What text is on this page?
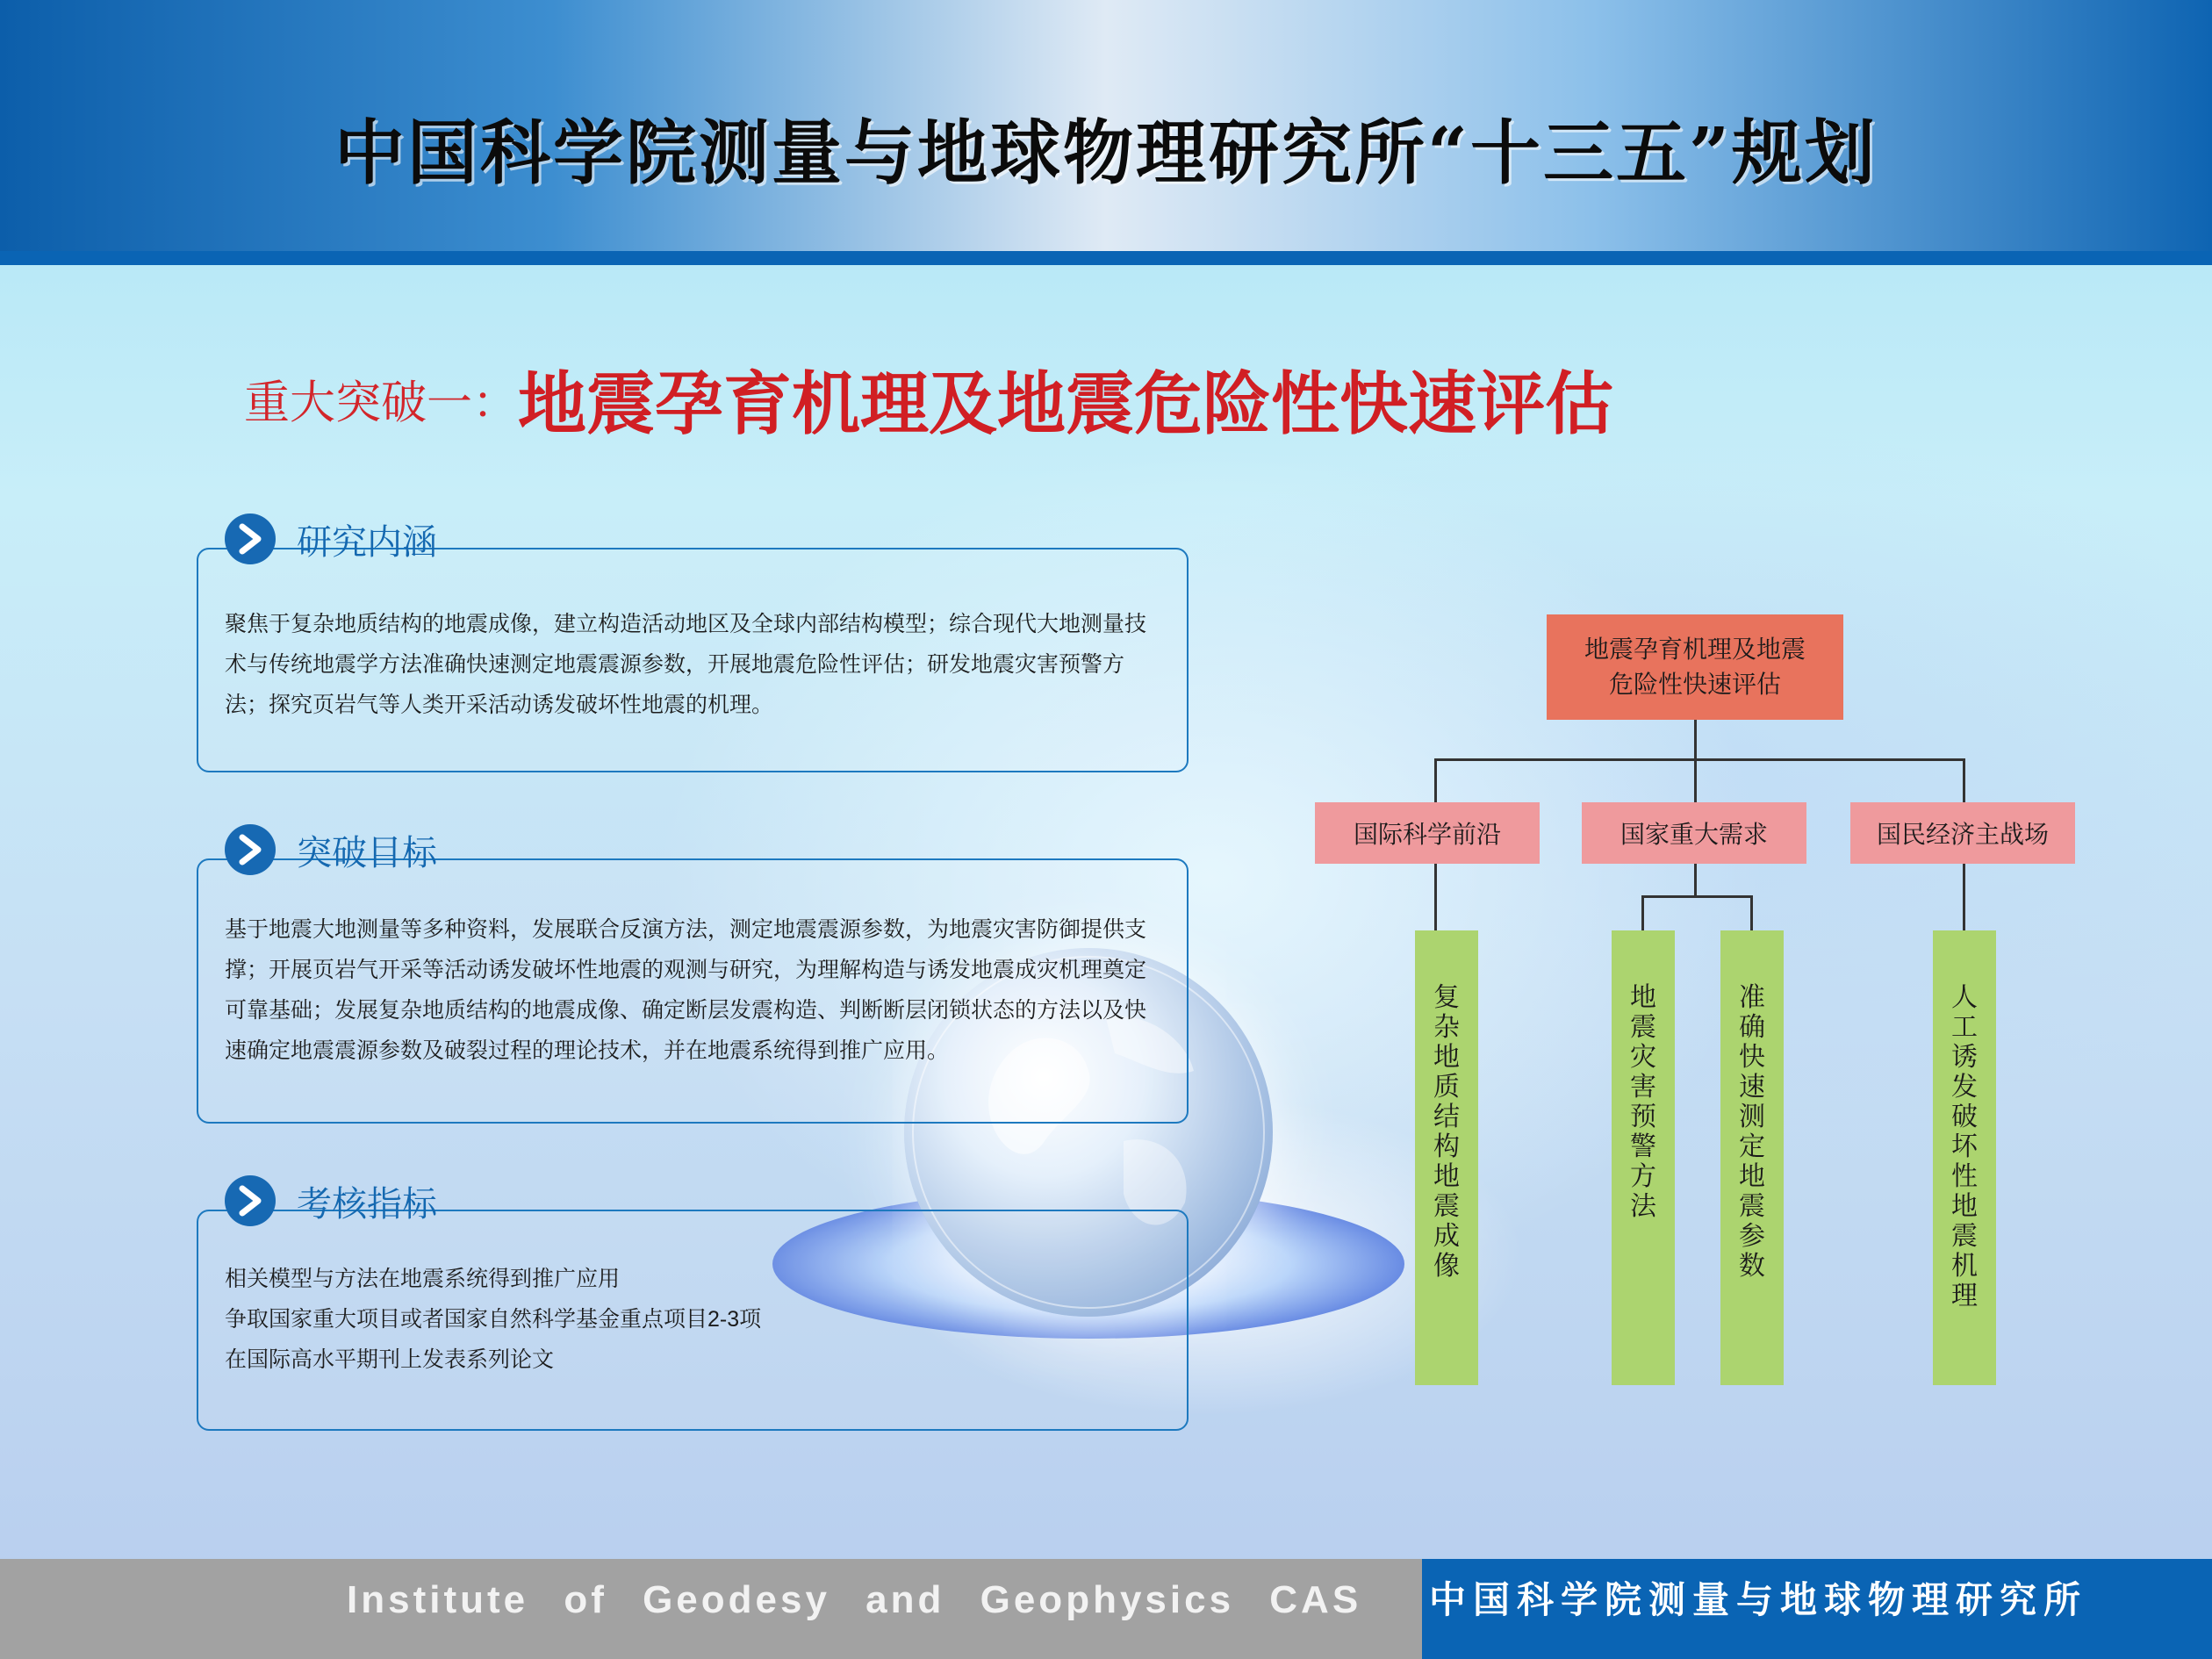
中国科学院测量与地球物理研究所“十三五”规划
重大突破一：地震孕育机理及地震危险性快速评估
研究内涵
聚焦于复杂地质结构的地震成像，建立构造活动地区及全球内部结构模型；综合现代大地测量技
术与传统地震学方法准确快速测定地震震源参数，开展地震危险性评估；研发地震灾害预警方
法；探究页岩气等人类开采活动诱发破坏性地震的机理。
突破目标
基于地震大地测量等多种资料，发展联合反演方法，测定地震震源参数，为地震灾害防御提供支
撑；开展页岩气开采等活动诱发破坏性地震的观测与研究，为理解构造与诱发地震成灾机理奠定
可靠基础；发展复杂地质结构的地震成像、确定断层发震构造、判断断层闭锁状态的方法以及快
速确定地震震源参数及破裂过程的理论技术，并在地震系统得到推广应用。
考核指标
相关模型与方法在地震系统得到推广应用
争取国家重大项目或者国家自然科学基金重点项目2-3项
在国际高水平期刊上发表系列论文
地震孕育机理及地震
危险性快速评估
国际科学前沿	国家重大需求	国民经济主战场
复杂地质结构地震成像
地震灾害预警方法
准确快速测定地震参数
人工诱发破坏性地震机理
Institute of Geodesy and Geophysics CAS 中国科学院测量与地球物理研究所
